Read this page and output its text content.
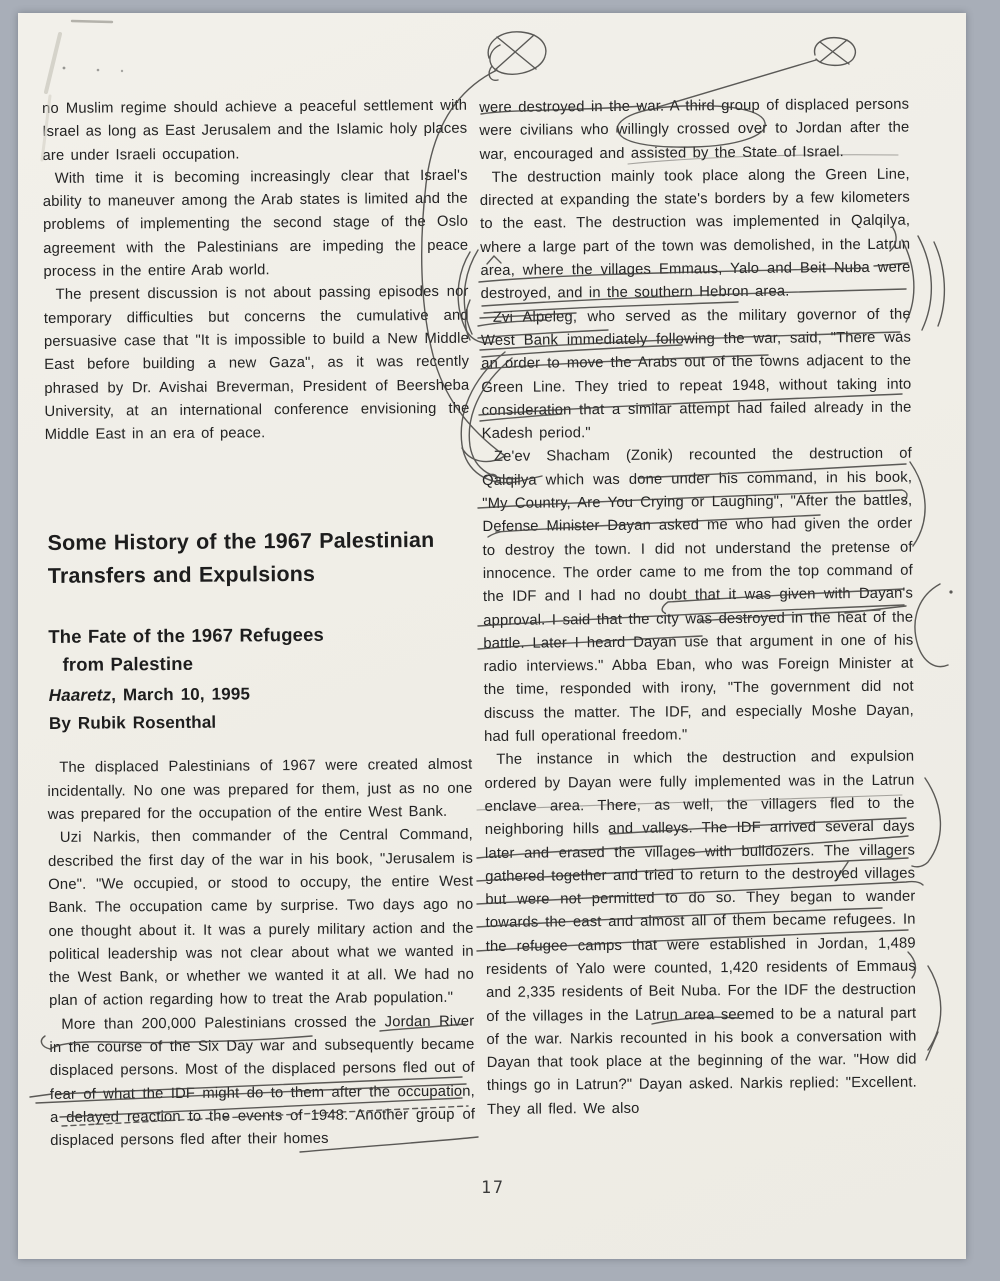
no Muslim regime should achieve a peaceful settlement with Israel as long as East Jerusalem and the Islamic holy places are under Israeli occupation.

With time it is becoming increasingly clear that Israel's ability to maneuver among the Arab states is limited and the problems of implementing the second stage of the Oslo agreement with the Palestinians are impeding the peace process in the entire Arab world.

The present discussion is not about passing episodes nor temporary difficulties but concerns the cumulative and persuasive case that "It is impossible to build a New Middle East before building a new Gaza", as it was recently phrased by Dr. Avishai Breverman, President of Beersheba University, at an international conference envisioning the Middle East in an era of peace.

Some History of the 1967 Palestinian Transfers and Expulsions
The Fate of the 1967 Refugees
from Palestine
Haaretz, March 10, 1995
By Rubik Rosenthal

The displaced Palestinians of 1967 were created almost incidentally. No one was prepared for them, just as no one was prepared for the occupation of the entire West Bank.

Uzi Narkis, then commander of the Central Command, described the first day of the war in his book, "Jerusalem is One". "We occupied, or stood to occupy, the entire West Bank. The occupation came by surprise. Two days ago no one thought about it. It was a purely military action and the political leadership was not clear about what we wanted in the West Bank, or whether we wanted it at all. We had no plan of action regarding how to treat the Arab population."

More than 200,000 Palestinians crossed the Jordan River in the course of the Six Day war and subsequently became displaced persons. Most of the displaced persons fled out of fear of what the IDF might do to them after the occupation, a delayed reaction to the events of 1948. Another group of displaced persons fled after their homes

were destroyed in the war. A third group of displaced persons were civilians who willingly crossed over to Jordan after the war, encouraged and assisted by the State of Israel.

The destruction mainly took place along the Green Line, directed at expanding the state's borders by a few kilometers to the east. The destruction was implemented in Qalqilya, where a large part of the town was demolished, in the Latrun area, where the villages Emmaus, Yalo and Beit Nuba were destroyed, and in the southern Hebron area.

Zvi Alpeleg, who served as the military governor of the West Bank immediately following the war, said, "There was an order to move the Arabs out of the towns adjacent to the Green Line. They tried to repeat 1948, without taking into consideration that a similar attempt had failed already in the Kadesh period."

Ze'ev Shacham (Zonik) recounted the destruction of Qalqilya which was done under his command, in his book, "My Country, Are You Crying or Laughing", "After the battles, Defense Minister Dayan asked me who had given the order to destroy the town. I did not understand the pretense of innocence. The order came to me from the top command of the IDF and I had no doubt that it was given with Dayan's approval. I said that the city was destroyed in the heat of the battle. Later I heard Dayan use that argument in one of his radio interviews." Abba Eban, who was Foreign Minister at the time, responded with irony, "The government did not discuss the matter. The IDF, and especially Moshe Dayan, had full operational freedom."

The instance in which the destruction and expulsion ordered by Dayan were fully implemented was in the Latrun enclave area. There, as well, the villagers fled to the neighboring hills and valleys. The IDF arrived several days later and erased the villages with bulldozers. The villagers gathered together and tried to return to the destroyed villages but were not permitted to do so. They began to wander towards the east and almost all of them became refugees. In the refugee camps that were established in Jordan, 1,489 residents of Yalo were counted, 1,420 residents of Emmaus and 2,335 residents of Beit Nuba. For the IDF the destruction of the villages in the Latrun area seemed to be a natural part of the war. Narkis recounted in his book a conversation with Dayan that took place at the beginning of the war. "How did things go in Latrun?" Dayan asked. Narkis replied: "Excellent. They all fled. We also

17
